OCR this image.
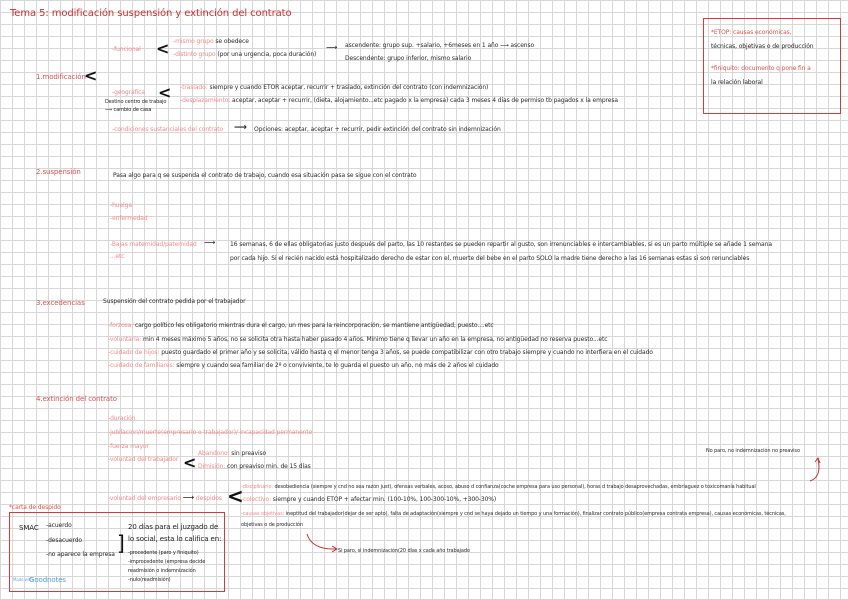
Tema 5: modificación suspensión y extinción del contrato
*ETOP: causas económicas,
técnicas, objetivas o de producción
*finiquito: documento q pone fin a
la relación laboral
1.modificación
<
-funcional < -mismo grupo se obedece
-distinto grupo (por una urgencia, poca duración)
⟶ ascendente: grupo sup. +salario, +6meses en 1 año ⟶ ascenso
Descendente: grupo inferior, mismo salario
-geográfica <
Destino centro de trabajo
⟹ cambio de casa
-traslado: siempre y cuando ETOR aceptar, recurrir + traslado, extinción del contrato (con indemnización)
-desplazamiento: aceptar, aceptar + recurrir, (dieta, alojamiento...etc pagado x la empresa) cada 3 meses 4 días de permiso tb pagados x la empresa
-condiciones sustanciales del contrato ⟶ Opciones: aceptar, aceptar + recurrir, pedir extinción del contrato sin indemnización
2.suspensión	Pasa algo para q se suspenda el contrato de trabajo, cuando esa situación pasa se sigue con el contrato
-huelga
-enfermedad
-Bajas maternidad/paternidad ⟶
...etc
16 semanas, 6 de ellas obligatorias justo después del parto, las 10 restantes se pueden repartir al gusto, son irrenunciables e intercambiables, si es un parto múltiple se añade 1 semana
por cada hijo. Si el recién nacido está hospitalizado derecho de estar con el, muerte del bebe en el parto SOLO la madre tiene derecho a las 16 semanas estas si son renunciables
3.excedencias	Suspensión del contrato pedida por el trabajador
-forzosa: cargo político les obligatorio mientras dura el cargo, un mes para la reincorporación, se mantiene antigüedad, puesto....etc
-voluntaria: min 4 meses máximo 5 años, no se solicita otra hasta haber pasado 4 años. Mínimo tiene q llevar un año en la empresa, no antigüedad no reserva puesto...etc
-cuidado de hijos: puesto guardado el primer año y se solicita, válido hasta q el menor tenga 3 años, se puede compatibilizar con otro trabajo siempre y cuando no interfiera en el cuidado
-cuidado de familiares: siempre y cuando sea familiar de 2º o conviviente, te lo guarda el puesto un año, no más de 2 años el cuidado
4.extinción del contrato
-duración
-jubilación/muerte(empresario o trabajador)/ incapacidad permanente
-fuerza mayor
-voluntad del trabajador < Abandono: sin preaviso
Dimisión: con preaviso min. de 15 días
No paro, no indemnización no preaviso
-voluntad del empresario ⟶ despidos <
-disciplinario: desobediencia (siempre y cnd no sea razón just), ofensas verbales, acoso, abuso d confianza(coche empresa para uso personal), horas d trabajo desaprovechadas, embriaguez o toxicomanía habitual
-colectivo: siempre y cuando ETOP + afectar min. (100-10%, 100-300-10%, +300-30%)
-causas objetivas: ineptitud del trabajador(dejar de ser apto), falta de adaptación(siempre y cnd se haya dejado un tiempo y una formación), finalizar contrato público(empresa contrata empresa), causas económicas, técnicas,
objetivas o de producción
Si paro, si indemnización(20 días x cada año trabajado
*carta de despido
SMAC -acuerdo
-desacuerdo
-no aparece la empresa ]
20 días para el juzgado de
lo social, esta lo califica en:
-procedente (paro y finiquito)
-improcedente (empresa decide
readmisión o indemnización
-nulo(readmisión)
Made with
Goodnotes
